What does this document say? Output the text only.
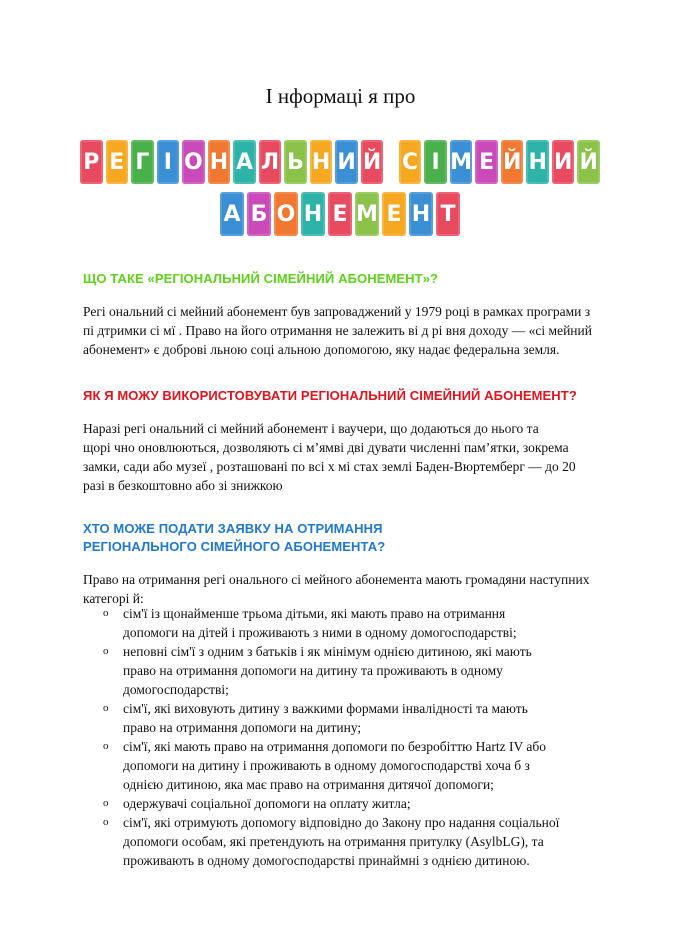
І нформаці я про
Р Е Г І О Н А Л Ь Н И Й С І М Е Й Н И Й
А Б О Н Е М Е Н Т
ЩО ТАКЕ «РЕГІОНАЛЬНИЙ СІМЕЙНИЙ АБОНЕМЕНТ»?
Регі ональний сі мейний абонемент був запроваджений у 1979 році в рамках програми з
пі дтримки сі мї . Право на його отримання не залежить ві д рі вня доходу — «сі мейний
абонемент» є доброві льною соці альною допомогою, яку надає федеральна земля.
ЯК Я МОЖУ ВИКОРИСТОВУВАТИ РЕГІОНАЛЬНИЙ СІМЕЙНИЙ АБОНЕМЕНТ?
Наразі регі ональний сі мейний абонемент і ваучери, що додаються до нього та
щорі чно оновлюються, дозволяють сі мʼямві дві дувати численні памʼятки, зокрема
замки, сади або музеї , розташовані по всі х мі стах землі Баден-Вюртемберг — до 20
разі в безкоштовно або зі знижкою
ХТО МОЖЕ ПОДАТИ ЗАЯВКУ НА ОТРИМАННЯ
РЕГІОНАЛЬНОГО СІМЕЙНОГО АБОНЕМЕНТА?
Право на отримання регі онального сі мейного абонемента мають громадяни наступних
категорі й:
o сім'ї із щонайменше трьома дітьми, які мають право на отримання
допомоги на дітей і проживають з ними в одному домогосподарстві;
o неповні сім'ї з одним з батьків і як мінімум однією дитиною, які мають
право на отримання допомоги на дитину та проживають в одному
домогосподарстві;
o сім'ї, які виховують дитину з важкими формами інвалідності та мають
право на отримання допомоги на дитину;
o сім'ї, які мають право на отримання допомоги по безробіттю Hartz IV або
допомоги на дитину і проживають в одному домогосподарстві хоча б з
однією дитиною, яка має право на отримання дитячої допомоги;
o одержувачі соціальної допомоги на оплату житла;
o сім'ї, які отримують допомогу відповідно до Закону про надання соціальної
допомоги особам, які претендують на отримання притулку (AsylbLG), та
проживають в одному домогосподарстві принаймні з однією дитиною.
